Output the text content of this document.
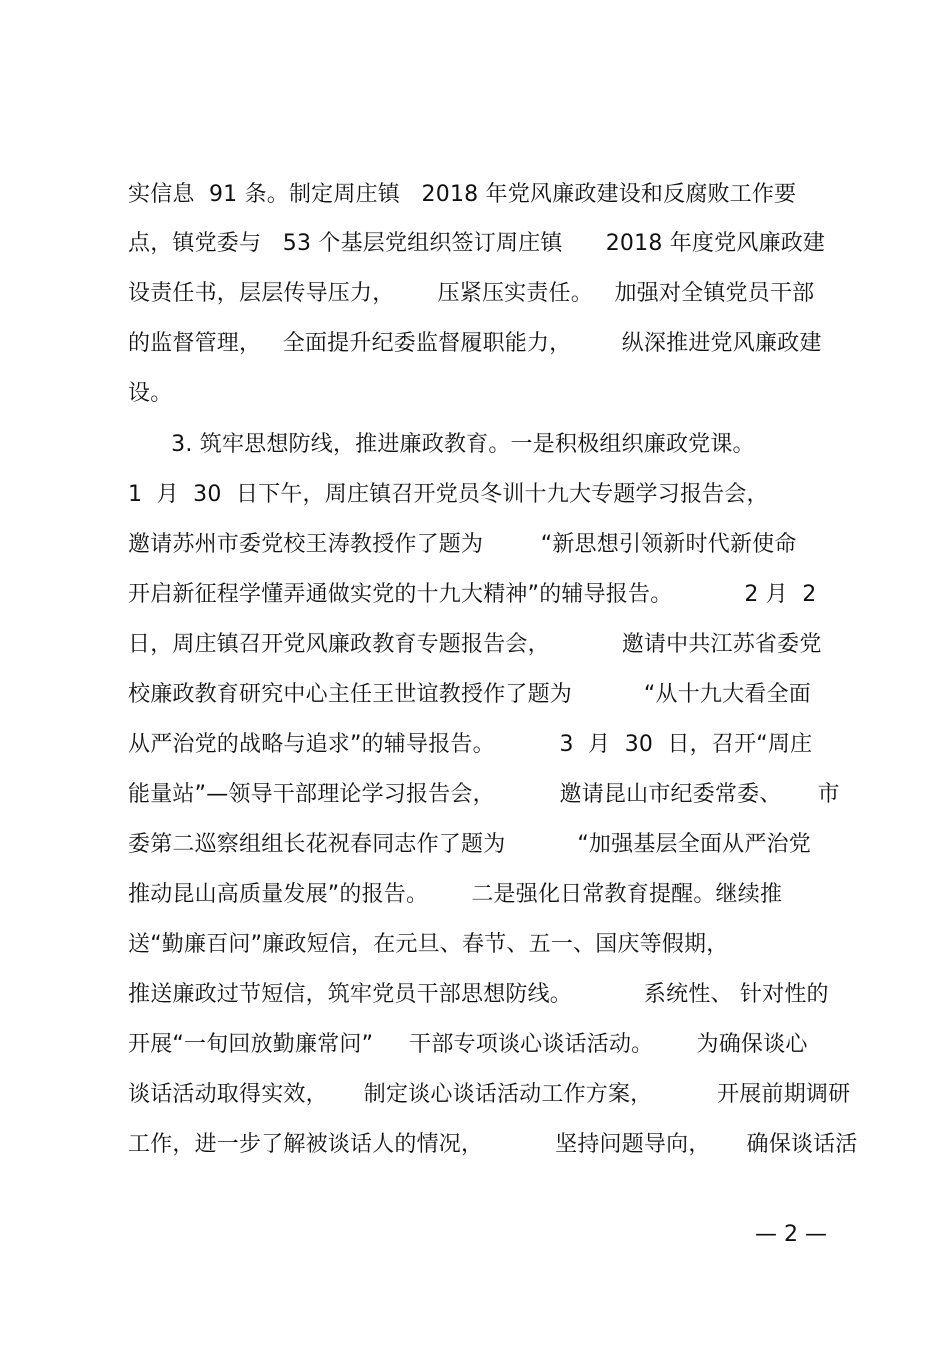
实信息  91 条。制定周庄镇   2018 年党风廉政建设和反腐败工作要
点，镇党委与   53 个基层党组织签订周庄镇      2018 年度党风廉政建
设责任书，层层传导压力，      压紧压实责任。   加强对全镇党员干部
的监督管理，   全面提升纪委监督履职能力，       纵深推进党风廉政建
设。
3. 筑牢思想防线，推进廉政教育。一是积极组织廉政党课。
1  月  30  日下午，周庄镇召开党员冬训十九大专题学习报告会，
邀请苏州市委党校王涛教授作了题为        “新思想引领新时代新使命
开启新征程学懂弄通做实党的十九大精神”的辅导报告。          2 月  2
日，周庄镇召开党风廉政教育专题报告会，          邀请中共江苏省委党
校廉政教育研究中心主任王世谊教授作了题为          “从十九大看全面
从严治党的战略与追求”的辅导报告。         3  月  30  日，召开“周庄
能量站”—领导干部理论学习报告会，         邀请昆山市纪委常委、     市
委第二巡察组组长花祝春同志作了题为          “加强基层全面从严治党
推动昆山高质量发展”的报告。      二是强化日常教育提醒。继续推
送“勤廉百问”廉政短信，在元旦、春节、五一、国庆等假期，
推送廉政过节短信，筑牢党员干部思想防线。          系统性、 针对性的
开展“一旬回放勤廉常问”     干部专项谈心谈话活动。      为确保谈心
谈话活动取得实效，     制定谈心谈话活动工作方案，         开展前期调研
工作，进一步了解被谈话人的情况，          坚持问题导向，     确保谈话活
— 2 —
